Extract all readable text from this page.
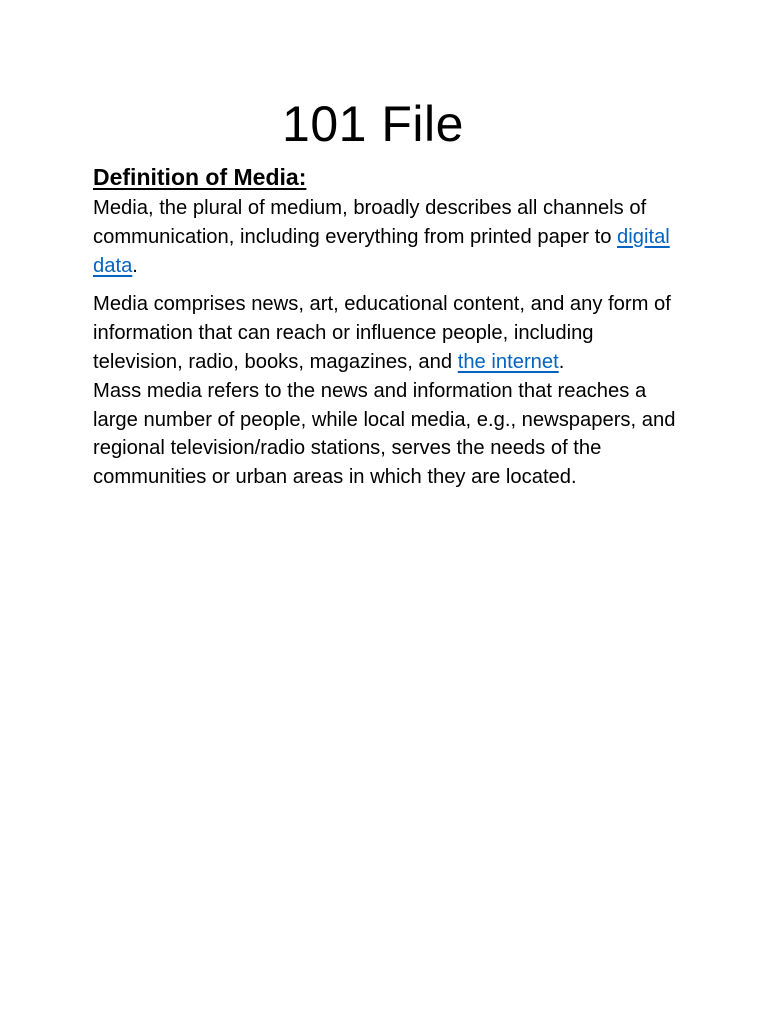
101 File
Definition of Media:

Media, the plural of medium, broadly describes all channels of communication, including everything from printed paper to digital data.

Media comprises news, art, educational content, and any form of information that can reach or influence people, including television, radio, books, magazines, and the internet.

Mass media refers to the news and information that reaches a large number of people, while local media, e.g., newspapers, and regional television/radio stations, serves the needs of the communities or urban areas in which they are located.
